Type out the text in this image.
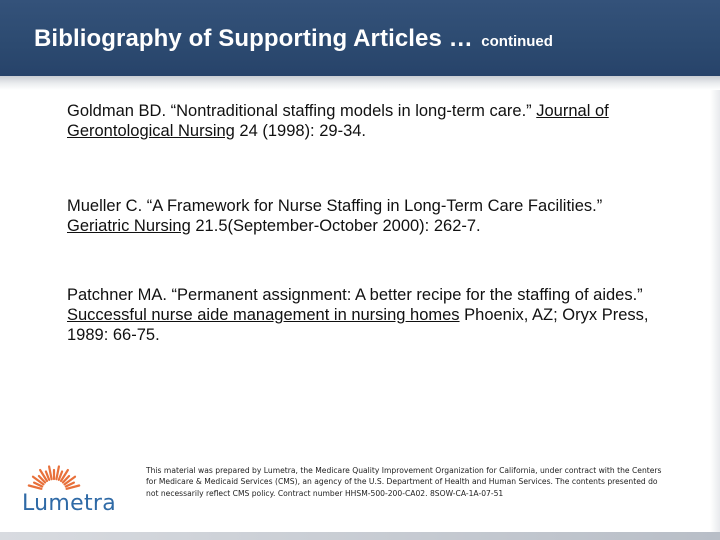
Bibliography of Supporting Articles … continued
Goldman BD. “Nontraditional staffing models in long-term care.” Journal of Gerontological Nursing 24 (1998): 29-34.
Mueller C. “A Framework for Nurse Staffing in Long-Term Care Facilities.” Geriatric Nursing 21.5(September-October 2000): 262-7.
Patchner MA. “Permanent assignment: A better recipe for the staffing of aides.” Successful nurse aide management in nursing homes Phoenix, AZ; Oryx Press, 1989: 66-75.
Lumetra
This material was prepared by Lumetra, the Medicare Quality Improvement Organization for California, under contract with the Centers for Medicare & Medicaid Services (CMS), an agency of the U.S. Department of Health and Human Services. The contents presented do not necessarily reflect CMS policy. Contract number HHSM-500-200-CA02. 8SOW-CA-1A-07-51
